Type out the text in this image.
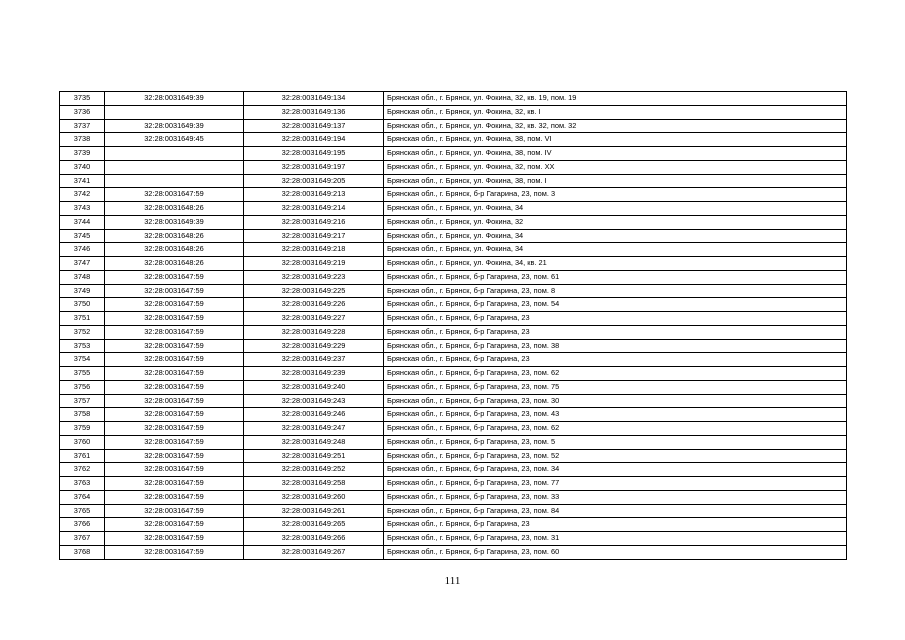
3735	32:28:0031649:39	32:28:0031649:134	Брянская обл., г. Брянск, ул. Фокина, 32, кв. 19, пом. 19
3736		32:28:0031649:136	Брянская обл., г. Брянск, ул. Фокина, 32, кв. I
3737	32:28:0031649:39	32:28:0031649:137	Брянская обл., г. Брянск, ул. Фокина, 32, кв. 32, пом. 32
3738	32:28:0031649:45	32:28:0031649:194	Брянская обл., г. Брянск, ул. Фокина, 38, пом. VI
3739		32:28:0031649:195	Брянская обл., г. Брянск, ул. Фокина, 38, пом. IV
3740		32:28:0031649:197	Брянская обл., г. Брянск, ул. Фокина, 32, пом. XX
3741		32:28:0031649:205	Брянская обл., г. Брянск, ул. Фокина, 38, пом. I
3742	32:28:0031647:59	32:28:0031649:213	Брянская обл., г. Брянск, б-р Гагарина, 23, пом. 3
3743	32:28:0031648:26	32:28:0031649:214	Брянская обл., г. Брянск, ул. Фокина, 34
3744	32:28:0031649:39	32:28:0031649:216	Брянская обл., г. Брянск, ул. Фокина, 32
3745	32:28:0031648:26	32:28:0031649:217	Брянская обл., г. Брянск, ул. Фокина, 34
3746	32:28:0031648:26	32:28:0031649:218	Брянская обл., г. Брянск, ул. Фокина, 34
3747	32:28:0031648:26	32:28:0031649:219	Брянская обл., г. Брянск, ул. Фокина, 34, кв. 21
3748	32:28:0031647:59	32:28:0031649:223	Брянская обл., г. Брянск, б-р Гагарина, 23, пом. 61
3749	32:28:0031647:59	32:28:0031649:225	Брянская обл., г. Брянск, б-р Гагарина, 23, пом. 8
3750	32:28:0031647:59	32:28:0031649:226	Брянская обл., г. Брянск, б-р Гагарина, 23, пом. 54
3751	32:28:0031647:59	32:28:0031649:227	Брянская обл., г. Брянск, б-р Гагарина, 23
3752	32:28:0031647:59	32:28:0031649:228	Брянская обл., г. Брянск, б-р Гагарина, 23
3753	32:28:0031647:59	32:28:0031649:229	Брянская обл., г. Брянск, б-р Гагарина, 23, пом. 38
3754	32:28:0031647:59	32:28:0031649:237	Брянская обл., г. Брянск, б-р Гагарина, 23
3755	32:28:0031647:59	32:28:0031649:239	Брянская обл., г. Брянск, б-р Гагарина, 23, пом. 62
3756	32:28:0031647:59	32:28:0031649:240	Брянская обл., г. Брянск, б-р Гагарина, 23, пом. 75
3757	32:28:0031647:59	32:28:0031649:243	Брянская обл., г. Брянск, б-р Гагарина, 23, пом. 30
3758	32:28:0031647:59	32:28:0031649:246	Брянская обл., г. Брянск, б-р Гагарина, 23, пом. 43
3759	32:28:0031647:59	32:28:0031649:247	Брянская обл., г. Брянск, б-р Гагарина, 23, пом. 62
3760	32:28:0031647:59	32:28:0031649:248	Брянская обл., г. Брянск, б-р Гагарина, 23, пом. 5
3761	32:28:0031647:59	32:28:0031649:251	Брянская обл., г. Брянск, б-р Гагарина, 23, пом. 52
3762	32:28:0031647:59	32:28:0031649:252	Брянская обл., г. Брянск, б-р Гагарина, 23, пом. 34
3763	32:28:0031647:59	32:28:0031649:258	Брянская обл., г. Брянск, б-р Гагарина, 23, пом. 77
3764	32:28:0031647:59	32:28:0031649:260	Брянская обл., г. Брянск, б-р Гагарина, 23, пом. 33
3765	32:28:0031647:59	32:28:0031649:261	Брянская обл., г. Брянск, б-р Гагарина, 23, пом. 84
3766	32:28:0031647:59	32:28:0031649:265	Брянская обл., г. Брянск, б-р Гагарина, 23
3767	32:28:0031647:59	32:28:0031649:266	Брянская обл., г. Брянск, б-р Гагарина, 23, пом. 31
3768	32:28:0031647:59	32:28:0031649:267	Брянская обл., г. Брянск, б-р Гагарина, 23, пом. 60
111
